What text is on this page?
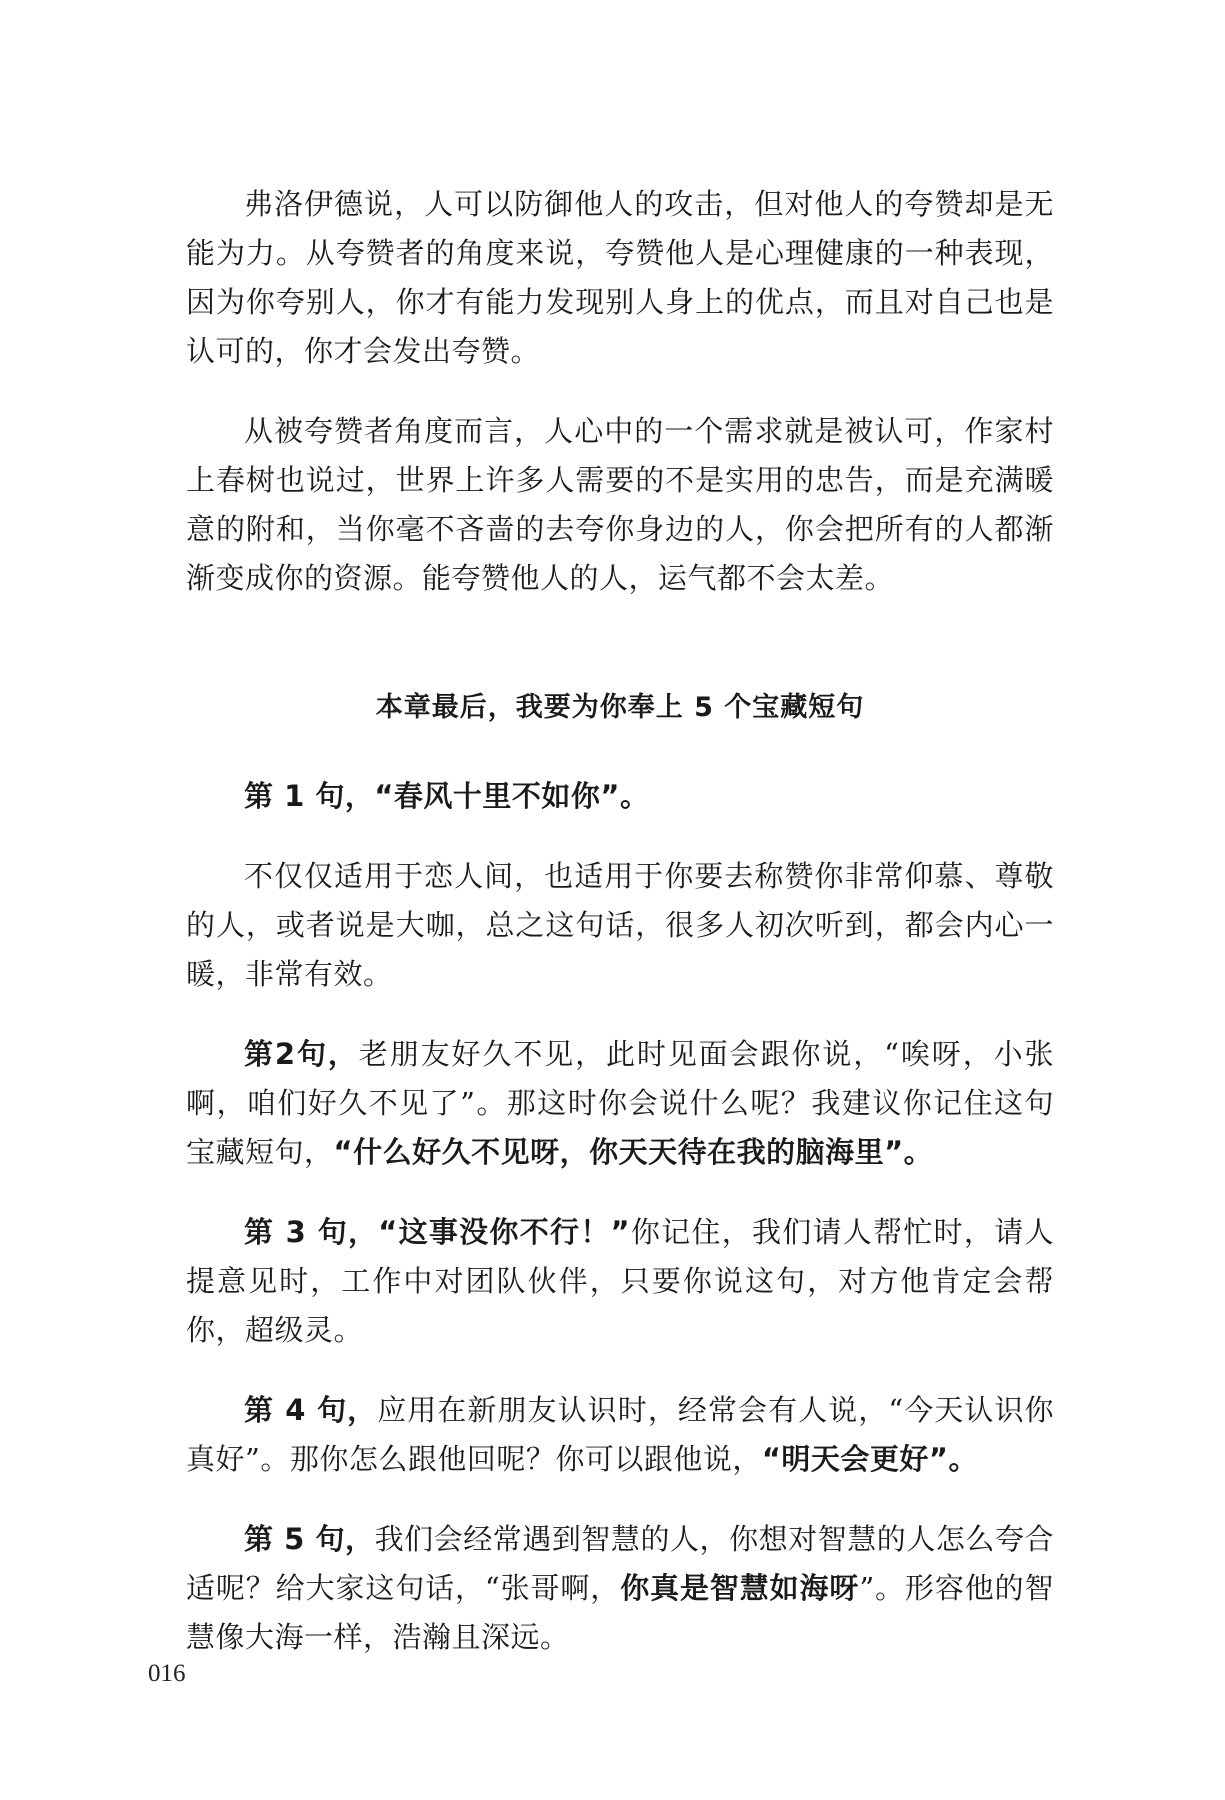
弗洛伊德说，人可以防御他人的攻击，但对他人的夸赞却是无能为力。从夸赞者的角度来说，夸赞他人是心理健康的一种表现，因为你夸别人，你才有能力发现别人身上的优点，而且对自己也是认可的，你才会发出夸赞。

从被夸赞者角度而言，人心中的一个需求就是被认可，作家村上春树也说过，世界上许多人需要的不是实用的忠告，而是充满暖意的附和，当你毫不吝啬的去夸你身边的人，你会把所有的人都渐渐变成你的资源。能夸赞他人的人，运气都不会太差。

本章最后，我要为你奉上 5 个宝藏短句

第 1 句，“春风十里不如你”。

不仅仅适用于恋人间，也适用于你要去称赞你非常仰慕、尊敬的人，或者说是大咖，总之这句话，很多人初次听到，都会内心一暖，非常有效。

第2句，老朋友好久不见，此时见面会跟你说，“唉呀，小张啊，咱们好久不见了”。那这时你会说什么呢？我建议你记住这句宝藏短句，“什么好久不见呀，你天天待在我的脑海里”。

第 3 句，“这事没你不行！”你记住，我们请人帮忙时，请人提意见时，工作中对团队伙伴，只要你说这句，对方他肯定会帮你，超级灵。

第 4 句，应用在新朋友认识时，经常会有人说，“今天认识你真好”。那你怎么跟他回呢？你可以跟他说，“明天会更好”。

第 5 句，我们会经常遇到智慧的人，你想对智慧的人怎么夸合适呢？给大家这句话，“张哥啊，你真是智慧如海呀”。形容他的智慧像大海一样，浩瀚且深远。

016
